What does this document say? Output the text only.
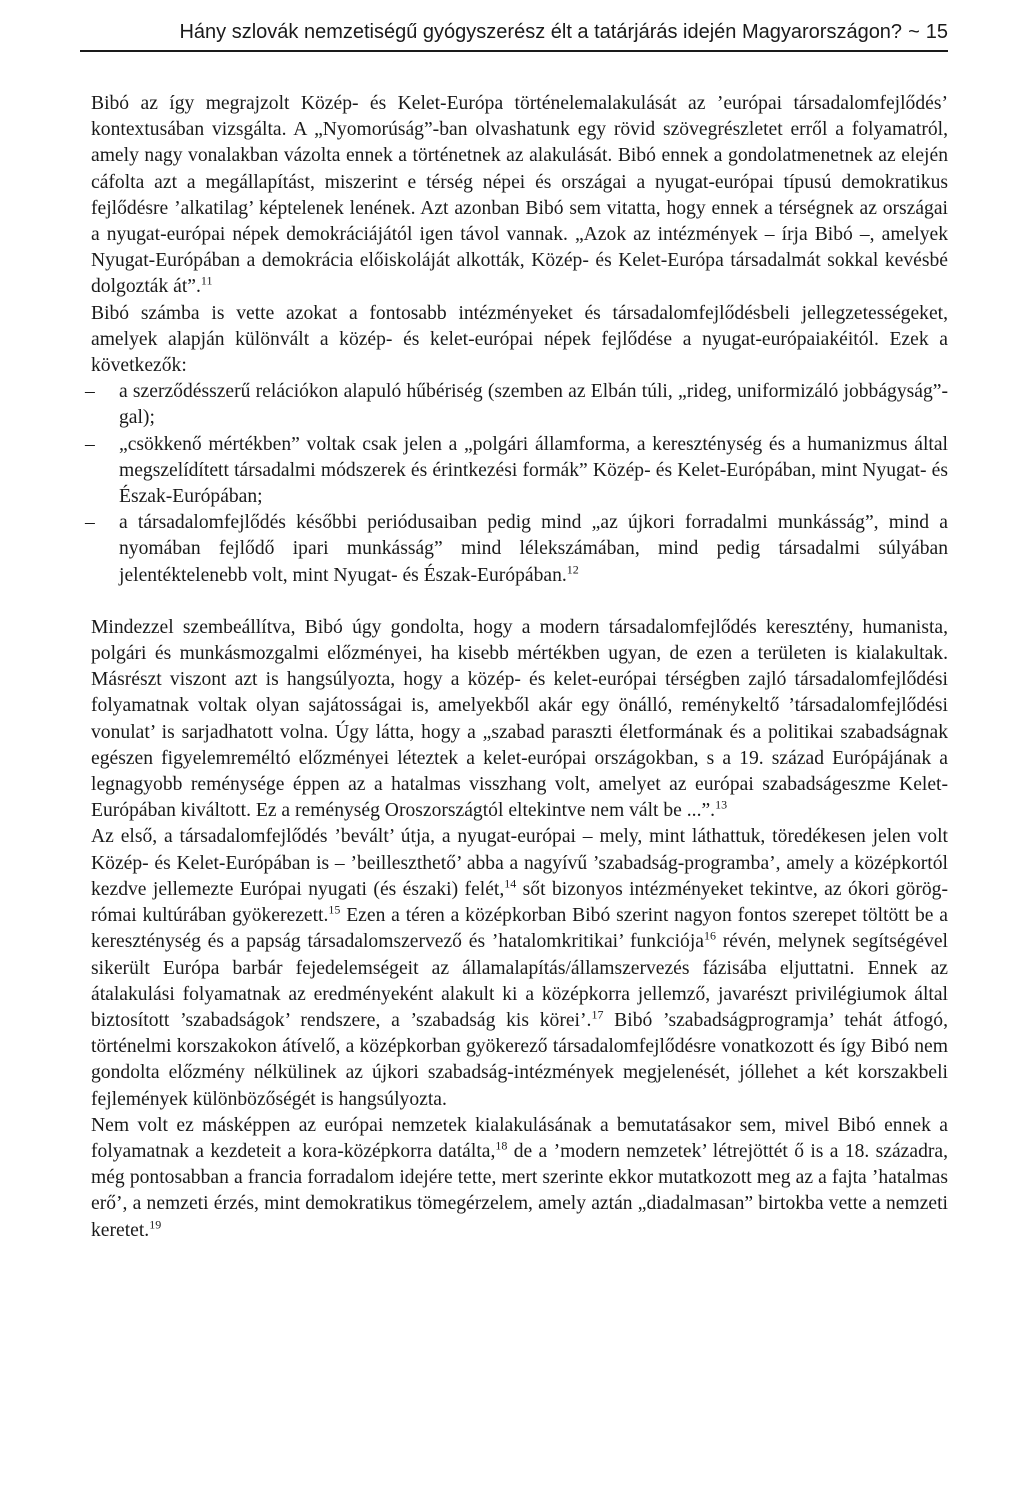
Hány szlovák nemzetiségű gyógyszerész élt a tatárjárás idején Magyarországon? ~ 15

Bibó az így megrajzolt Közép- és Kelet-Európa történelemalakulását az ’európai társadalomfejlődés’ kontextusában vizsgálta. A „Nyomorúság”-ban olvashatunk egy rövid szövegrészletet erről a folyamatról, amely nagy vonalakban vázolta ennek a történetnek az alakulását. Bibó ennek a gondolatmenetnek az elején cáfolta azt a megállapítást, miszerint e térség népei és országai a nyugat-európai típusú demokratikus fejlődésre ’alkatilag’ képtelenek lenének. Azt azonban Bibó sem vitatta, hogy ennek a térségnek az országai a nyugat-európai népek demokráciájától igen távol vannak. „Azok az intézmények – írja Bibó –, amelyek Nyugat-Európában a demokrácia előiskoláját alkották, Közép- és Kelet-Európa társadalmát sokkal kevésbé dolgozták át”.$^{11}$

Bibó számba is vette azokat a fontosabb intézményeket és társadalomfejlődésbeli jellegzetességeket, amelyek alapján különvált a közép- és kelet-európai népek fejlődése a nyugat-európaiakéitól. Ezek a következők:

– a szerződésszerű relációkon alapuló hűbériség (szemben az Elbán túli, „rideg, uniformizáló jobbágyság”-gal);
– „csökkenő mértékben” voltak csak jelen a „polgári államforma, a kereszténység és a humanizmus által megszelídített társadalmi módszerek és érintkezési formák” Közép- és Kelet-Európában, mint Nyugat- és Észak-Európában;
– a társadalomfejlődés későbbi periódusaiban pedig mind „az újkori forradalmi munkásság”, mind a nyomában fejlődő ipari munkásság” mind lélekszámában, mind pedig társadalmi súlyában jelentéktelenebb volt, mint Nyugat- és Észak-Európában.$^{12}$

Mindezzel szembeállítva, Bibó úgy gondolta, hogy a modern társadalomfejlődés keresztény, humanista, polgári és munkásmozgalmi előzményei, ha kisebb mértékben ugyan, de ezen a területen is kialakultak. Másrészt viszont azt is hangsúlyozta, hogy a közép- és kelet-európai térségben zajló társadalomfejlődési folyamatnak voltak olyan sajátosságai is, amelyekből akár egy önálló, reménykeltő ’társadalomfejlődési vonulat’ is sarjadhatott volna. Úgy látta, hogy a „szabad paraszti életformának és a politikai szabadságnak egészen figyelemreméltó előzményei léteztek a kelet-európai országokban, s a 19. század Európájának a legnagyobb reménysége éppen az a hatalmas visszhang volt, amelyet az európai szabadságeszme Kelet-Európában kiváltott. Ez a reménység Oroszországtól eltekintve nem vált be ...”.$^{13}$

Az első, a társadalomfejlődés ’bevált’ útja, a nyugat-európai – mely, mint láthattuk, töredékesen jelen volt Közép- és Kelet-Európában is – ’beilleszthető’ abba a nagyívű ’szabadság-programba’, amely a középkortól kezdve jellemezte Európai nyugati (és északi) felét,$^{14}$ sőt bizonyos intézményeket tekintve, az ókori görög-római kultúrában gyökerezett.$^{15}$ Ezen a téren a középkorban Bibó szerint nagyon fontos szerepet töltött be a kereszténység és a papság társadalomszervező és ’hatalomkritikai’ funkciója$^{16}$ révén, melynek segítségével sikerült Európa barbár fejedelemségeit az államalapítás/államszervezés fázisába eljuttatni. Ennek az átalakulási folyamatnak az eredményeként alakult ki a középkorra jellemző, javarészt privilégiumok által biztosított ’szabadságok’ rendszere, a ’szabadság kis körei’.$^{17}$ Bibó ’szabadságprogramja’ tehát átfogó, történelmi korszakokon átívelő, a középkorban gyökerező társadalomfejlődésre vonatkozott és így Bibó nem gondolta előzmény nélkülinek az újkori szabadság-intézmények megjelenését, jóllehet a két korszakbeli fejlemények különbözőségét is hangsúlyozta.

Nem volt ez másképpen az európai nemzetek kialakulásának a bemutatásakor sem, mivel Bibó ennek a folyamatnak a kezdeteit a kora-középkorra datálta,$^{18}$ de a ’modern nemzetek’ létrejöttét ő is a 18. századra, még pontosabban a francia forradalom idejére tette, mert szerinte ekkor mutatkozott meg az a fajta ’hatalmas erő’, a nemzeti érzés, mint demokratikus tömegérzelem, amely aztán „diadalmasan” birtokba vette a nemzeti keretet.$^{19}$
